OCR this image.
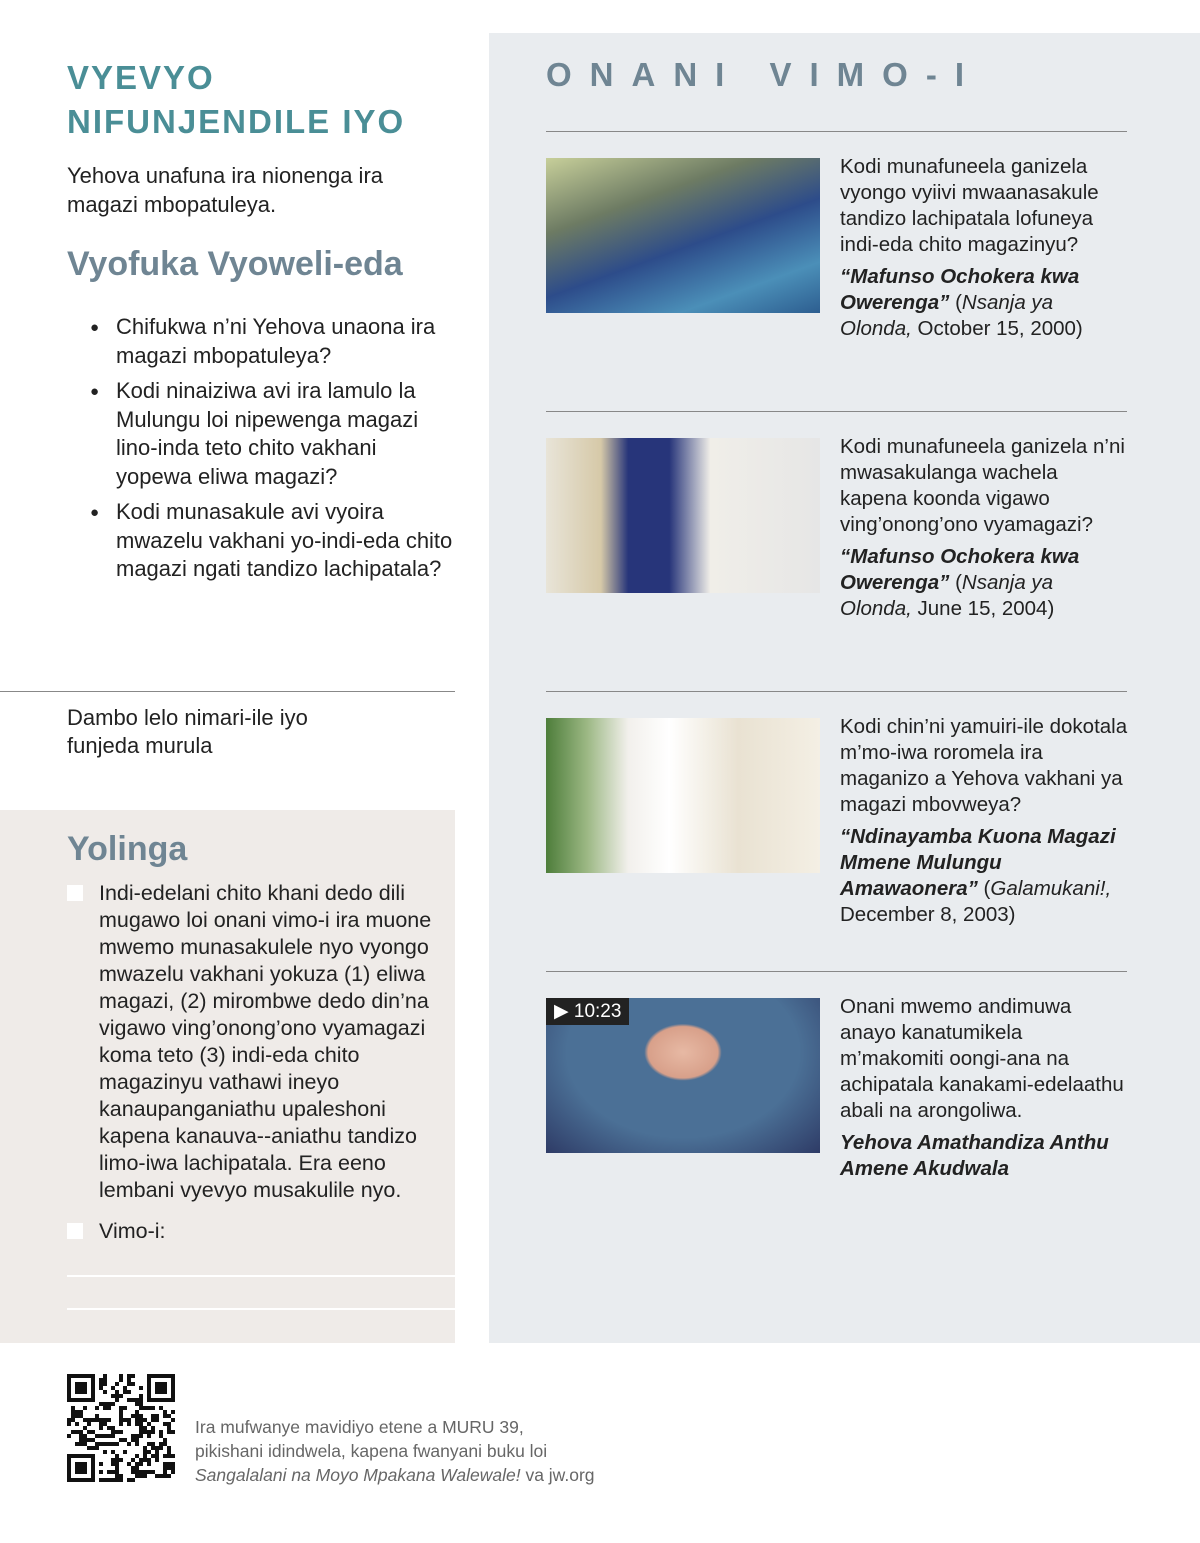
VYEVYO
NIFUNJENDILE IYO

Yehova unafuna ira nionenga ira magazi mbopatuleya.

Vyofuka Vyoweli-eda
● Chifukwa n’ni Yehova unaona ira magazi mbopatuleya?
● Kodi ninaiziwa avi ira lamulo la Mulungu loi nipewenga magazi lino-inda teto chito vakhani yopewa eliwa magazi?
● Kodi munasakule avi vyoira mwazelu vakhani yo-indi-eda chito magazi ngati tandizo lachipatala?

Dambo lelo nimari-ile iyo funjeda murula

Yolinga
Indi-edelani chito khani dedo dili mugawo loi onani vimo-i ira muone mwemo munasakulele nyo vyongo mwazelu vakhani yokuza (1) eliwa magazi, (2) mirombwe dedo din’na vigawo ving’onong’ono vyamagazi koma teto (3) indi-eda chito magazinyu vathawi ineyo kanaupanganiathu upaleshoni kapena kanauva--aniathu tandizo limo-iwa lachipatala. Era eeno lembani vyevyo musakulile nyo.
Vimo-i:
ONANI VIMO-I
Kodi munafuneela ganizela vyongo vyiivi mwaanasakule tandizo lachipatala lofuneya indi-eda chito magazinyu?

“Mafunso Ochokera kwa Owerenga” (Nsanja ya Olonda, October 15, 2000)
Kodi munafuneela ganizela n’ni mwasakulanga wachela kapena koonda vigawo ving’onong’ono vyamagazi?

“Mafunso Ochokera kwa Owerenga” (Nsanja ya Olonda, June 15, 2004)
Kodi chin’ni yamuiri-ile dokotala m’mo-iwa roromela ira maganizo a Yehova vakhani ya magazi mbovweya?

“Ndinayamba Kuona Magazi Mmene Mulungu Amawaonera” (Galamukani!, December 8, 2003)
▶ 10:23	Onani mwemo andimuwa anayo kanatumikela m’makomiti oongi-ana na achipatala kanakami-edelaathu abali na arongoliwa.

Yehova Amathandiza Anthu Amene Akudwala
Ira mufwanye mavidiyo etene a MURU 39,
pikishani idindwela, kapena fwanyani buku loi
Sangalalani na Moyo Mpakana Walewale! va jw.org
